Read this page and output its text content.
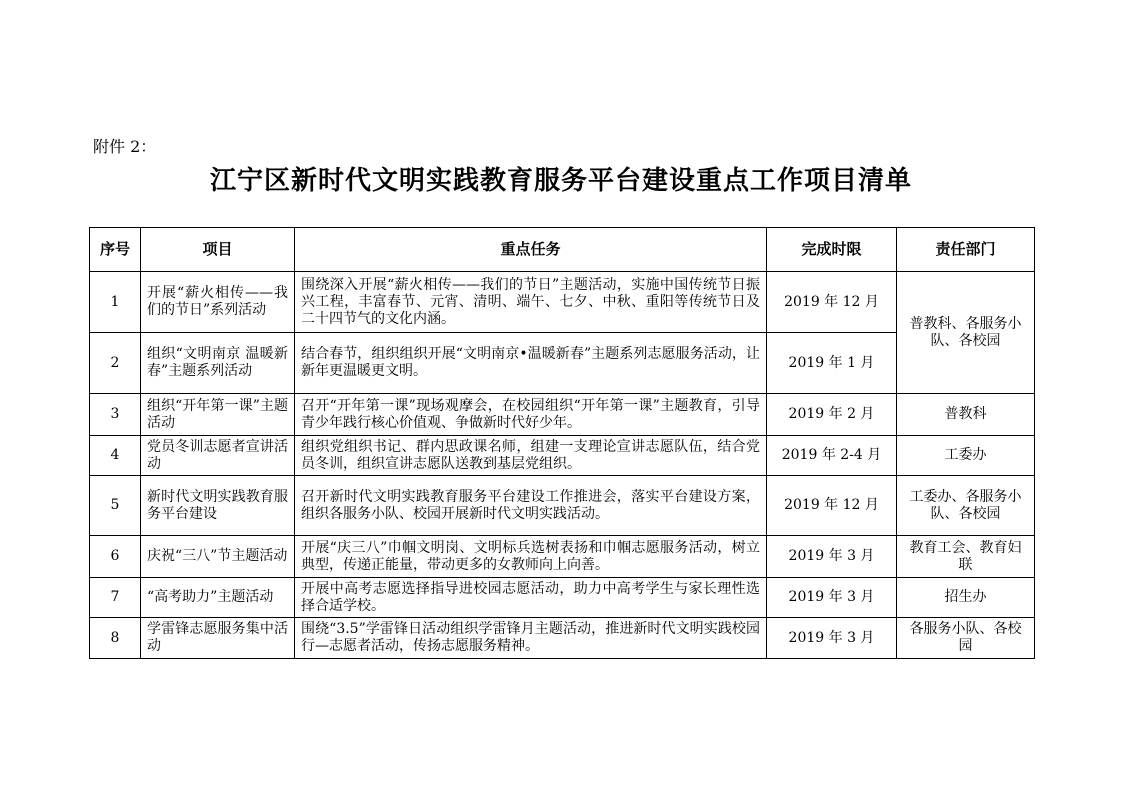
附件 2：
江宁区新时代文明实践教育服务平台建设重点工作项目清单
序号	项目	重点任务	完成时限	责任部门
1	开展“薪火相传——我们的节日”系列活动	围绕深入开展“薪火相传——我们的节日”主题活动，实施中国传统节日振兴工程，丰富春节、元宵、清明、端午、七夕、中秋、重阳等传统节日及二十四节气的文化内涵。	2019 年 12 月	普教科、各服务小队、各校园
2	组织“文明南京 温暖新春”主题系列活动	结合春节，组织组织开展“文明南京•温暖新春”主题系列志愿服务活动，让新年更温暖更文明。	2019 年 1 月	
3	组织“开年第一课”主题活动	召开“开年第一课”现场观摩会，在校园组织“开年第一课”主题教育，引导青少年践行核心价值观、争做新时代好少年。	2019 年 2 月	普教科
4	党员冬训志愿者宣讲活动	组织党组织书记、群内思政课名师，组建一支理论宣讲志愿队伍，结合党员冬训，组织宣讲志愿队送教到基层党组织。	2019 年 2-4 月	工委办
5	新时代文明实践教育服务平台建设	召开新时代文明实践教育服务平台建设工作推进会，落实平台建设方案，组织各服务小队、校园开展新时代文明实践活动。	2019 年 12 月	工委办、各服务小队、各校园
6	庆祝“三八”节主题活动	开展“庆三八”巾帼文明岗、文明标兵选树表扬和巾帼志愿服务活动，树立典型，传递正能量，带动更多的女教师向上向善。	2019 年 3 月	教育工会、教育妇联
7	“高考助力”主题活动	开展中高考志愿选择指导进校园志愿活动，助力中高考学生与家长理性选择合适学校。	2019 年 3 月	招生办
8	学雷锋志愿服务集中活动	围绕“3.5”学雷锋日活动组织学雷锋月主题活动，推进新时代文明实践校园行—志愿者活动，传扬志愿服务精神。	2019 年 3 月	各服务小队、各校园
